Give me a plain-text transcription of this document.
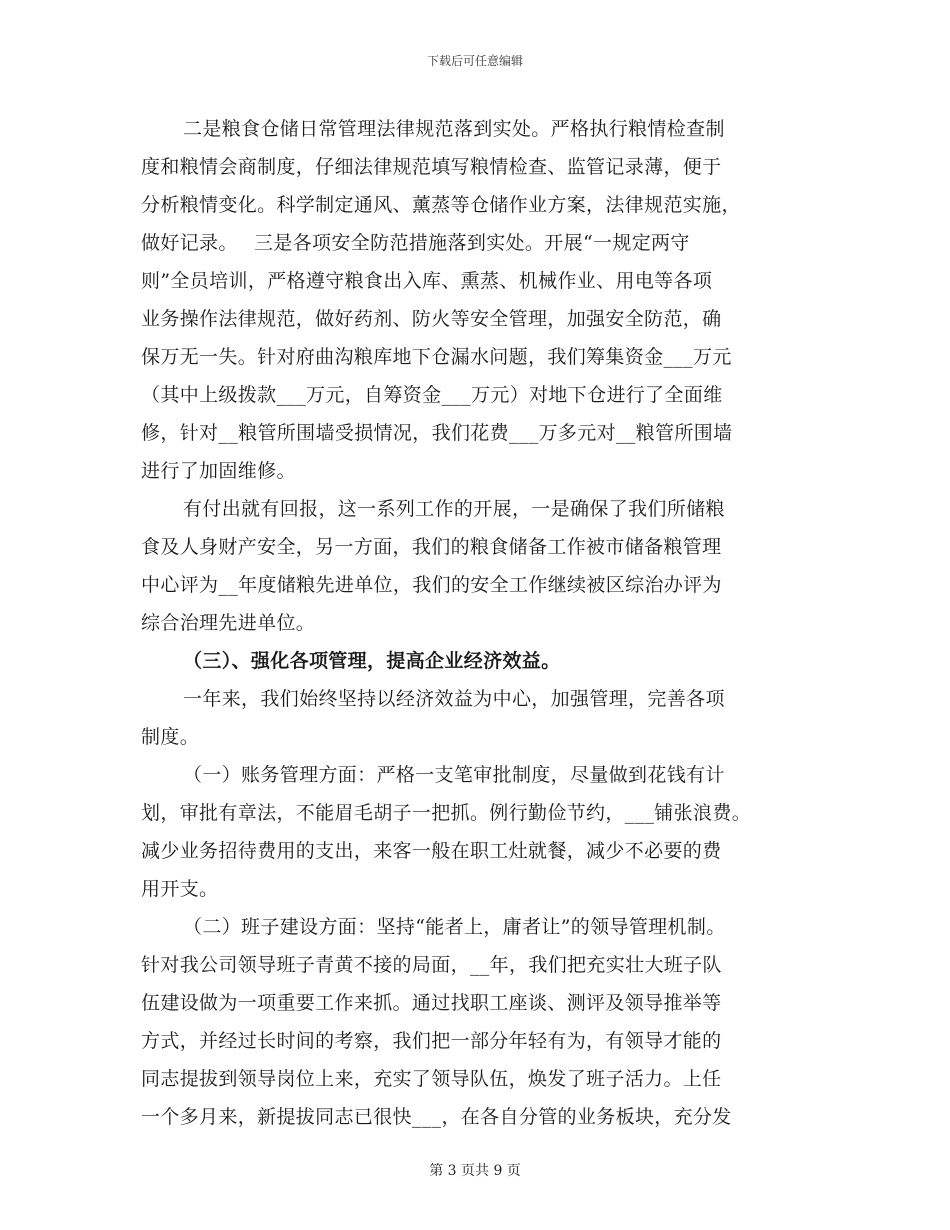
下载后可任意编辑
二是粮食仓储日常管理法律规范落到实处。严格执行粮情检查制
度和粮情会商制度，仔细法律规范填写粮情检查、监管记录薄，便于
分析粮情变化。科学制定通风、薰蒸等仓储作业方案，法律规范实施，
做好记录。　 三是各项安全防范措施落到实处。开展“一规定两守
则”全员培训，严格遵守粮食出入库、熏蒸、机械作业、用电等各项
业务操作法律规范，做好药剂、防火等安全管理，加强安全防范，确
保万无一失。针对府曲沟粮库地下仓漏水问题，我们筹集资金___万元
（其中上级拨款___万元，自筹资金___万元）对地下仓进行了全面维
修，针对__粮管所围墙受损情况，我们花费___万多元对__粮管所围墙
进行了加固维修。
有付出就有回报，这一系列工作的开展，一是确保了我们所储粮
食及人身财产安全，另一方面，我们的粮食储备工作被市储备粮管理
中心评为__年度储粮先进单位，我们的安全工作继续被区综治办评为
综合治理先进单位。
（三）、强化各项管理，提高企业经济效益。
一年来，我们始终坚持以经济效益为中心，加强管理，完善各项
制度。
（一）账务管理方面：严格一支笔审批制度，尽量做到花钱有计
划，审批有章法，不能眉毛胡子一把抓。例行勤俭节约，___铺张浪费。
减少业务招待费用的支出，来客一般在职工灶就餐，减少不必要的费
用开支。
（二）班子建设方面：坚持“能者上，庸者让”的领导管理机制。
针对我公司领导班子青黄不接的局面，__年，我们把充实壮大班子队
伍建设做为一项重要工作来抓。通过找职工座谈、测评及领导推举等
方式，并经过长时间的考察，我们把一部分年轻有为，有领导才能的
同志提拔到领导岗位上来，充实了领导队伍，焕发了班子活力。上任
一个多月来，新提拔同志已很快___，在各自分管的业务板块，充分发
第 3 页共 9 页
